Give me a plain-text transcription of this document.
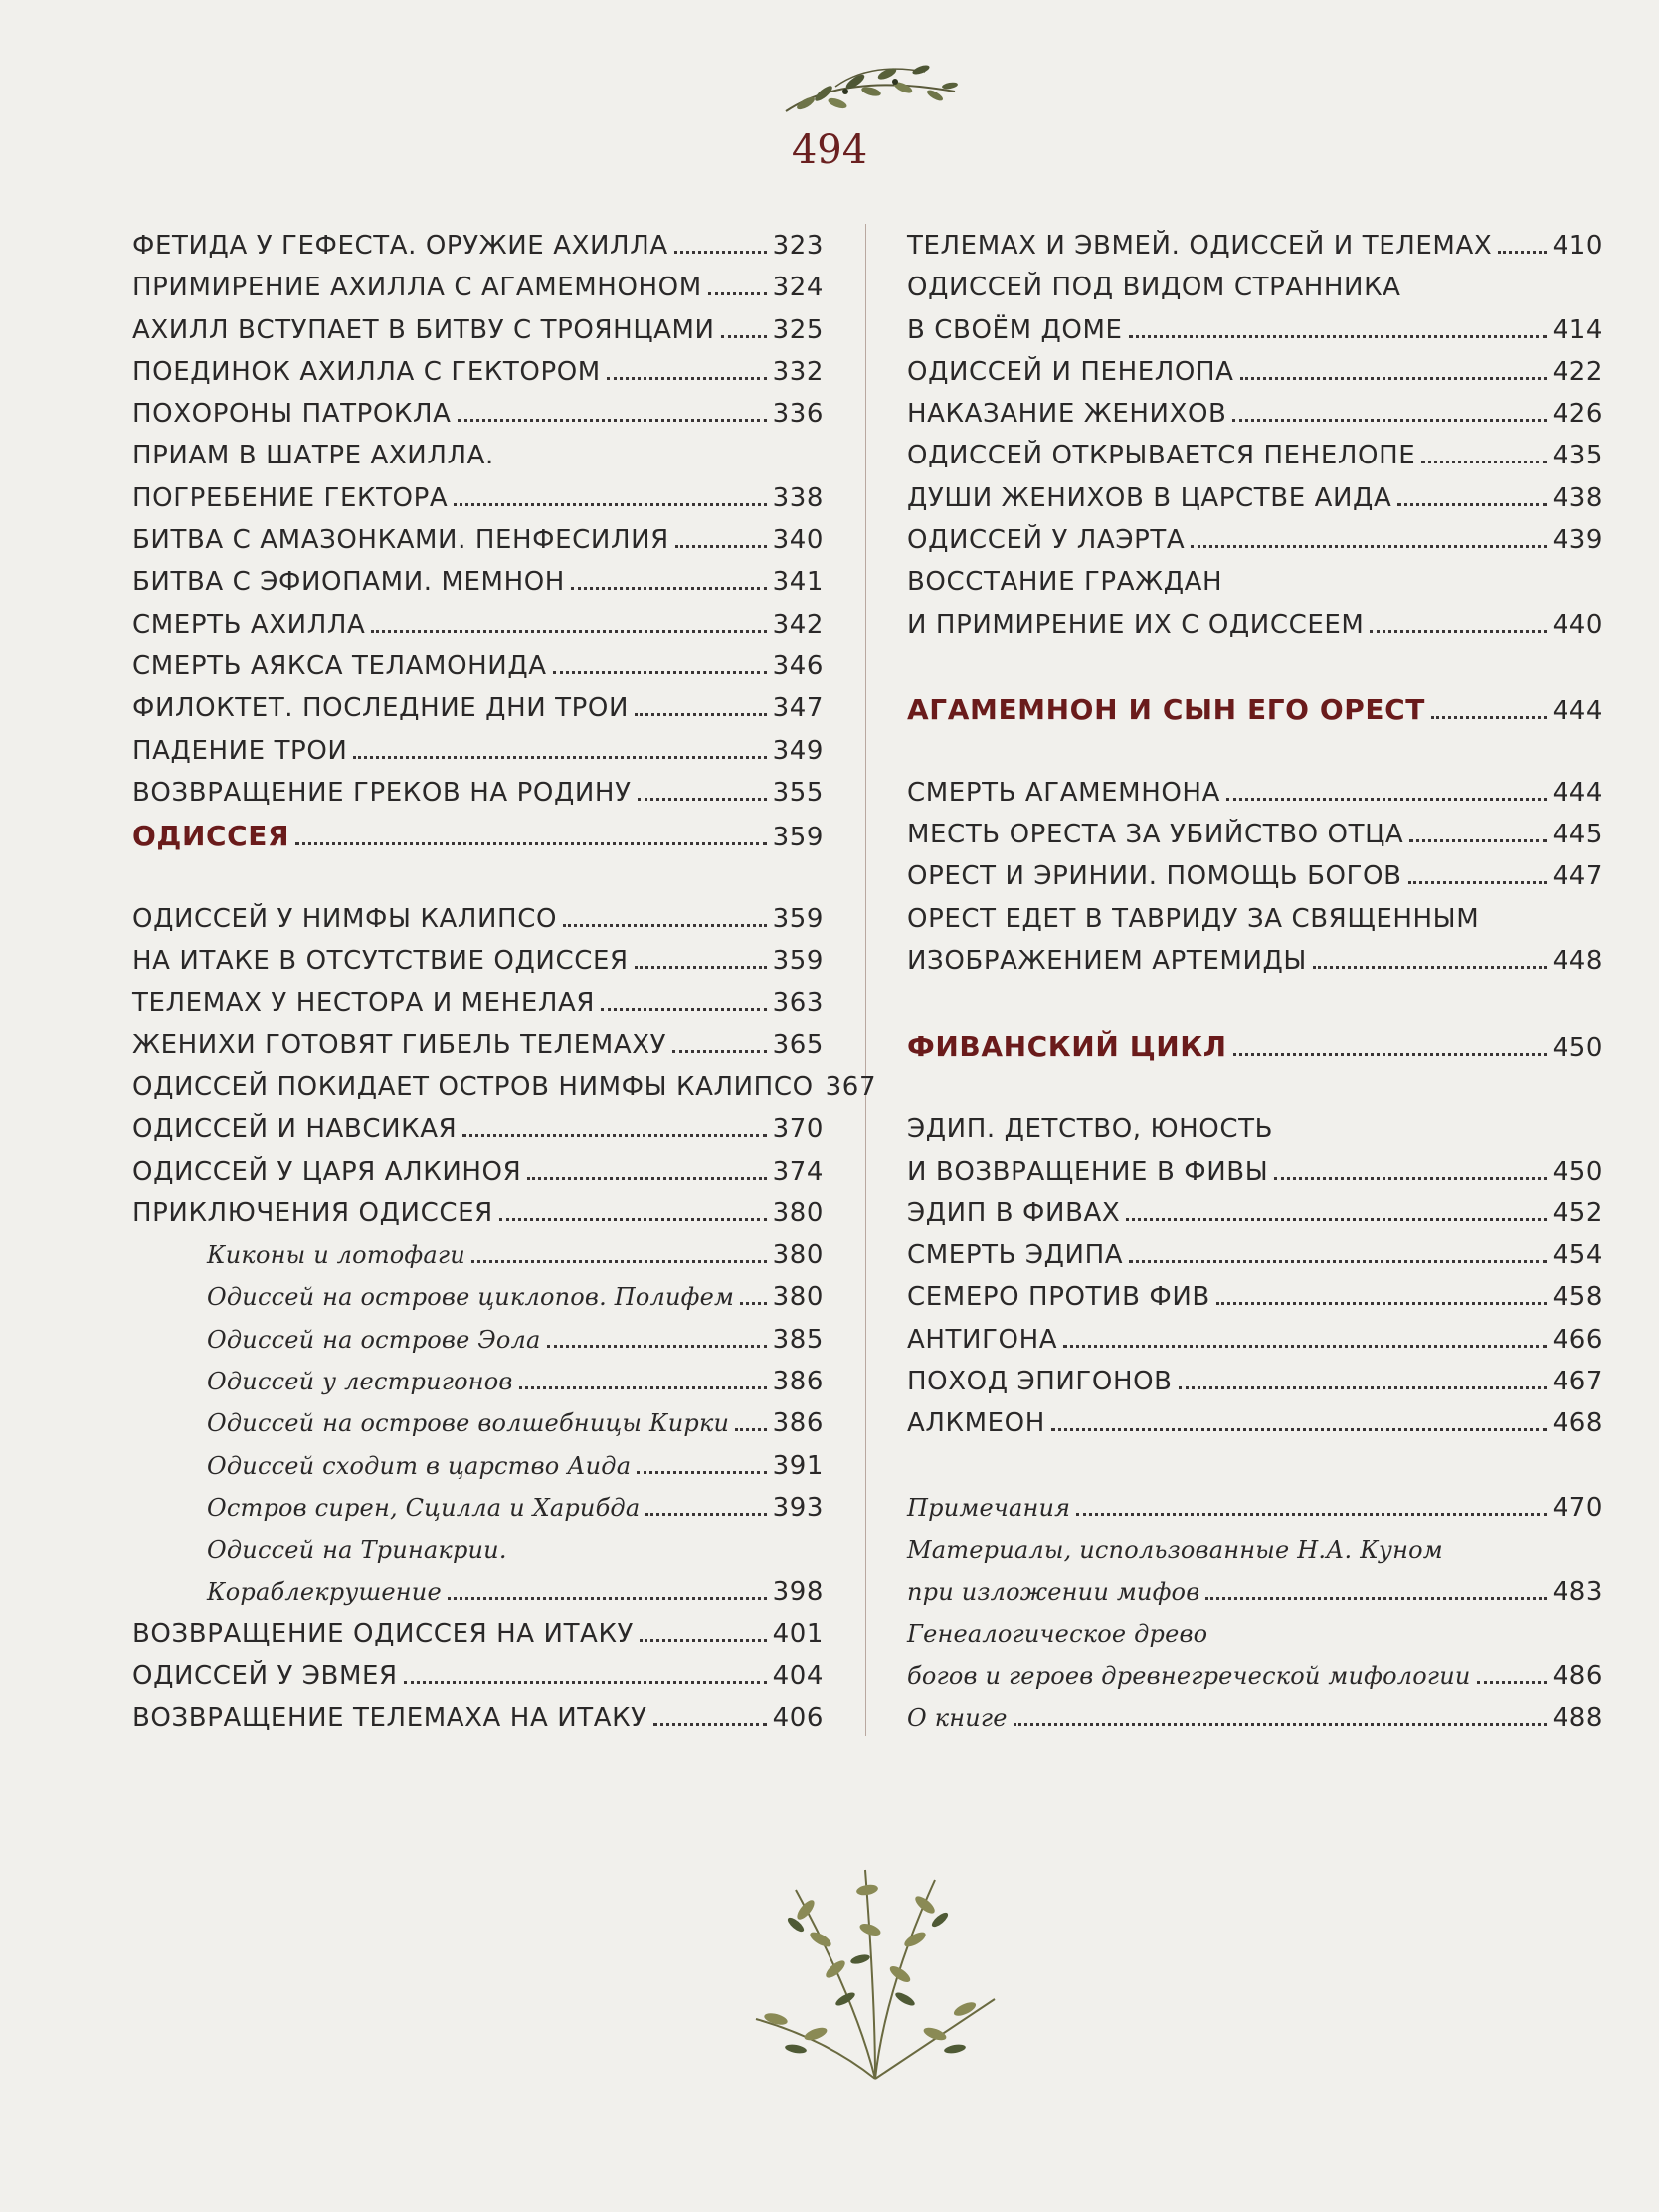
494
ФЕТИДА У ГЕФЕСТА. ОРУЖИЕ АХИЛЛА	323
ПРИМИРЕНИЕ АХИЛЛА С АГАМЕМНОНОМ	324
АХИЛЛ ВСТУПАЕТ В БИТВУ С ТРОЯНЦАМИ 325
ПОЕДИНОК АХИЛЛА С ГЕКТОРОМ	332
ПОХОРОНЫ ПАТРОКЛА	336
ПРИАМ В ШАТРЕ АХИЛЛА.
ПОГРЕБЕНИЕ ГЕКТОРА	338
БИТВА С АМАЗОНКАМИ. ПЕНФЕСИЛИЯ	340
БИТВА С ЭФИОПАМИ. МЕМНОН	341
СМЕРТЬ АХИЛЛА	342
СМЕРТЬ АЯКСА ТЕЛАМОНИДА	346
ФИЛОКТЕТ. ПОСЛЕДНИЕ ДНИ ТРОИ	347
ПАДЕНИЕ ТРОИ	349
ВОЗВРАЩЕНИЕ ГРЕКОВ НА РОДИНУ	355
ОДИССЕЯ	359
ОДИССЕЙ У НИМФЫ КАЛИПСО	359
НА ИТАКЕ В ОТСУТСТВИЕ ОДИССЕЯ	359
ТЕЛЕМАХ У НЕСТОРА И МЕНЕЛАЯ	363
ЖЕНИХИ ГОТОВЯТ ГИБЕЛЬ ТЕЛЕМАХУ	365
ОДИССЕЙ ПОКИДАЕТ ОСТРОВ НИМФЫ КАЛИПСО 367
ОДИССЕЙ И НАВСИКАЯ	370
ОДИССЕЙ У ЦАРЯ АЛКИНОЯ	374
ПРИКЛЮЧЕНИЯ ОДИССЕЯ	380
Киконы и лотофаги	380
Одиссей на острове циклопов. Полифем 380
Одиссей на острове Эола	385
Одиссей у лестригонов	386
Одиссей на острове волшебницы Кирки 386
Одиссей сходит в царство Аида	391
Остров сирен, Сцилла и Харибда	393
Одиссей на Тринакрии.
Кораблекрушение	398
ВОЗВРАЩЕНИЕ ОДИССЕЯ НА ИТАКУ	401
ОДИССЕЙ У ЭВМЕЯ	404
ВОЗВРАЩЕНИЕ ТЕЛЕМАХА НА ИТАКУ	406
ТЕЛЕМАХ И ЭВМЕЙ. ОДИССЕЙ И ТЕЛЕМАХ 410
ОДИССЕЙ ПОД ВИДОМ СТРАННИКА
В СВОЁМ ДОМЕ	414
ОДИССЕЙ И ПЕНЕЛОПА	422
НАКАЗАНИЕ ЖЕНИХОВ	426
ОДИССЕЙ ОТКРЫВАЕТСЯ ПЕНЕЛОПЕ	435
ДУШИ ЖЕНИХОВ В ЦАРСТВЕ АИДА	438
ОДИССЕЙ У ЛАЭРТА	439
ВОССТАНИЕ ГРАЖДАН
И ПРИМИРЕНИЕ ИХ С ОДИССЕЕМ	440
АГАМЕМНОН И СЫН ЕГО ОРЕСТ	444
СМЕРТЬ АГАМЕМНОНА	444
МЕСТЬ ОРЕСТА ЗА УБИЙСТВО ОТЦА	445
ОРЕСТ И ЭРИНИИ. ПОМОЩЬ БОГОВ	447
ОРЕСТ ЕДЕТ В ТАВРИДУ ЗА СВЯЩЕННЫМ
ИЗОБРАЖЕНИЕМ АРТЕМИДЫ	448
ФИВАНСКИЙ ЦИКЛ	450
ЭДИП. ДЕТСТВО, ЮНОСТЬ
И ВОЗВРАЩЕНИЕ В ФИВЫ	450
ЭДИП В ФИВАХ	452
СМЕРТЬ ЭДИПА	454
СЕМЕРО ПРОТИВ ФИВ	458
АНТИГОНА	466
ПОХОД ЭПИГОНОВ	467
АЛКМЕОН	468
Примечания	470
Материалы, использованные Н.А. Куном
при изложении мифов	483
Генеалогическое древо
богов и героев древнегреческой мифологии	486
О книге	488
